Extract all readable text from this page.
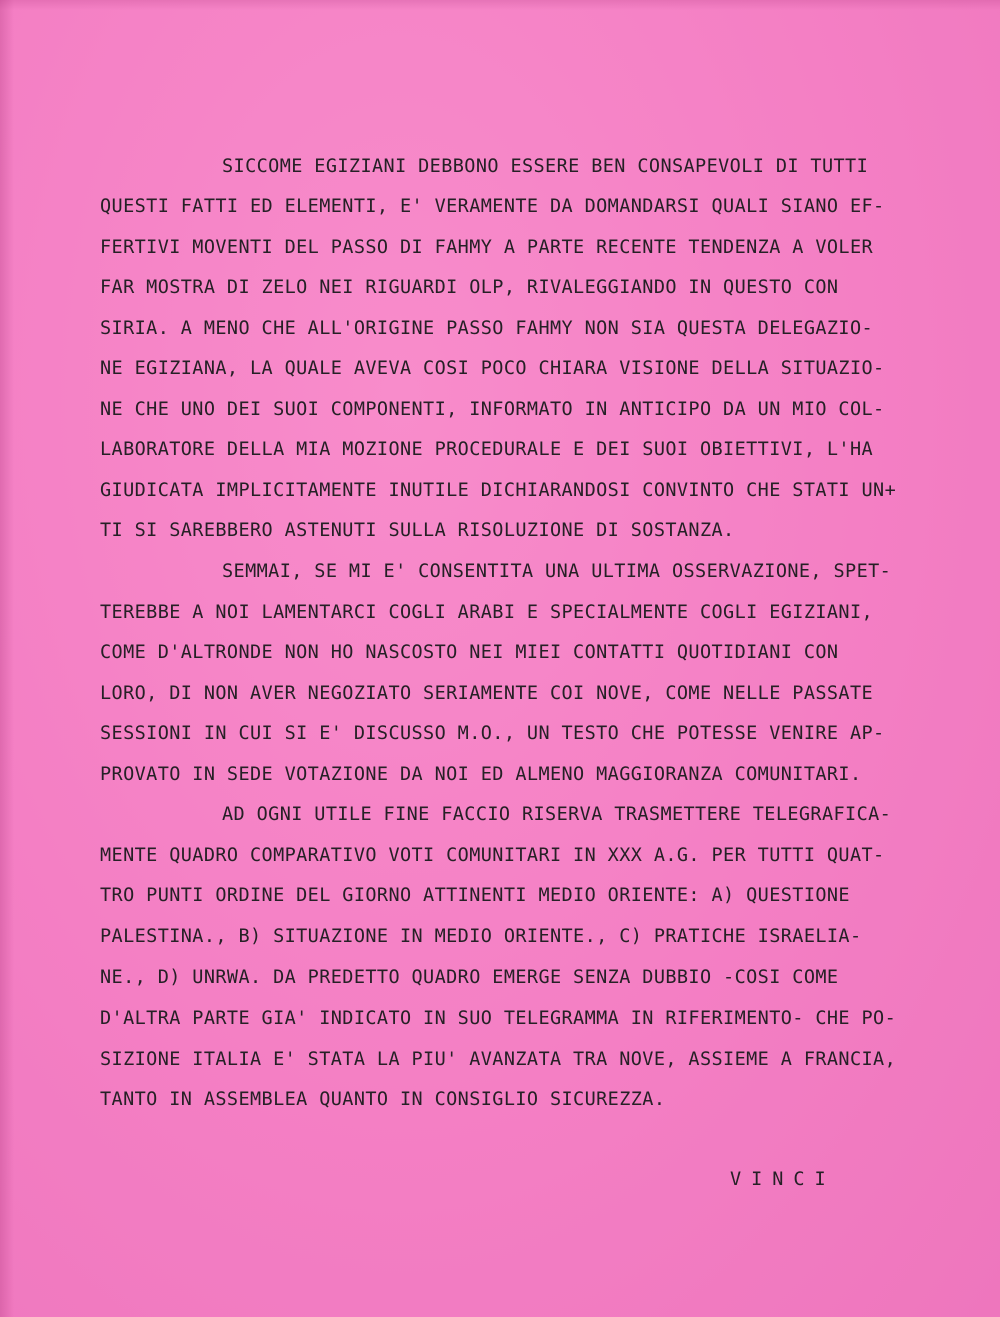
SICCOME EGIZIANI DEBBONO ESSERE BEN CONSAPEVOLI DI TUTTI
QUESTI FATTI ED ELEMENTI, E' VERAMENTE DA DOMANDARSI QUALI SIANO EF-
FERTIVI MOVENTI DEL PASSO DI FAHMY A PARTE RECENTE TENDENZA A VOLER
FAR MOSTRA DI ZELO NEI RIGUARDI OLP, RIVALEGGIANDO IN QUESTO CON
SIRIA. A MENO CHE ALL'ORIGINE PASSO FAHMY NON SIA QUESTA DELEGAZIO-
NE EGIZIANA, LA QUALE AVEVA COSI POCO CHIARA VISIONE DELLA SITUAZIO-
NE CHE UNO DEI SUOI COMPONENTI, INFORMATO IN ANTICIPO DA UN MIO COL-
LABORATORE DELLA MIA MOZIONE PROCEDURALE E DEI SUOI OBIETTIVI, L'HA
GIUDICATA IMPLICITAMENTE INUTILE DICHIARANDOSI CONVINTO CHE STATI UN+
TI SI SAREBBERO ASTENUTI SULLA RISOLUZIONE DI SOSTANZA.
SEMMAI, SE MI E' CONSENTITA UNA ULTIMA OSSERVAZIONE, SPET-
TEREBBE A NOI LAMENTARCI COGLI ARABI E SPECIALMENTE COGLI EGIZIANI,
COME D'ALTRONDE NON HO NASCOSTO NEI MIEI CONTATTI QUOTIDIANI CON
LORO, DI NON AVER NEGOZIATO SERIAMENTE COI NOVE, COME NELLE PASSATE
SESSIONI IN CUI SI E' DISCUSSO M.O., UN TESTO CHE POTESSE VENIRE AP-
PROVATO IN SEDE VOTAZIONE DA NOI ED ALMENO MAGGIORANZA COMUNITARI.
AD OGNI UTILE FINE FACCIO RISERVA TRASMETTERE TELEGRAFICA-
MENTE QUADRO COMPARATIVO VOTI COMUNITARI IN XXX A.G. PER TUTTI QUAT-
TRO PUNTI ORDINE DEL GIORNO ATTINENTI MEDIO ORIENTE: A) QUESTIONE
PALESTINA., B) SITUAZIONE IN MEDIO ORIENTE., C) PRATICHE ISRAELIA-
NE., D) UNRWA. DA PREDETTO QUADRO EMERGE SENZA DUBBIO -COSI COME
D'ALTRA PARTE GIA' INDICATO IN SUO TELEGRAMMA IN RIFERIMENTO- CHE PO-
SIZIONE ITALIA E' STATA LA PIU' AVANZATA TRA NOVE, ASSIEME A FRANCIA,
TANTO IN ASSEMBLEA QUANTO IN CONSIGLIO SICUREZZA.
VINCI
